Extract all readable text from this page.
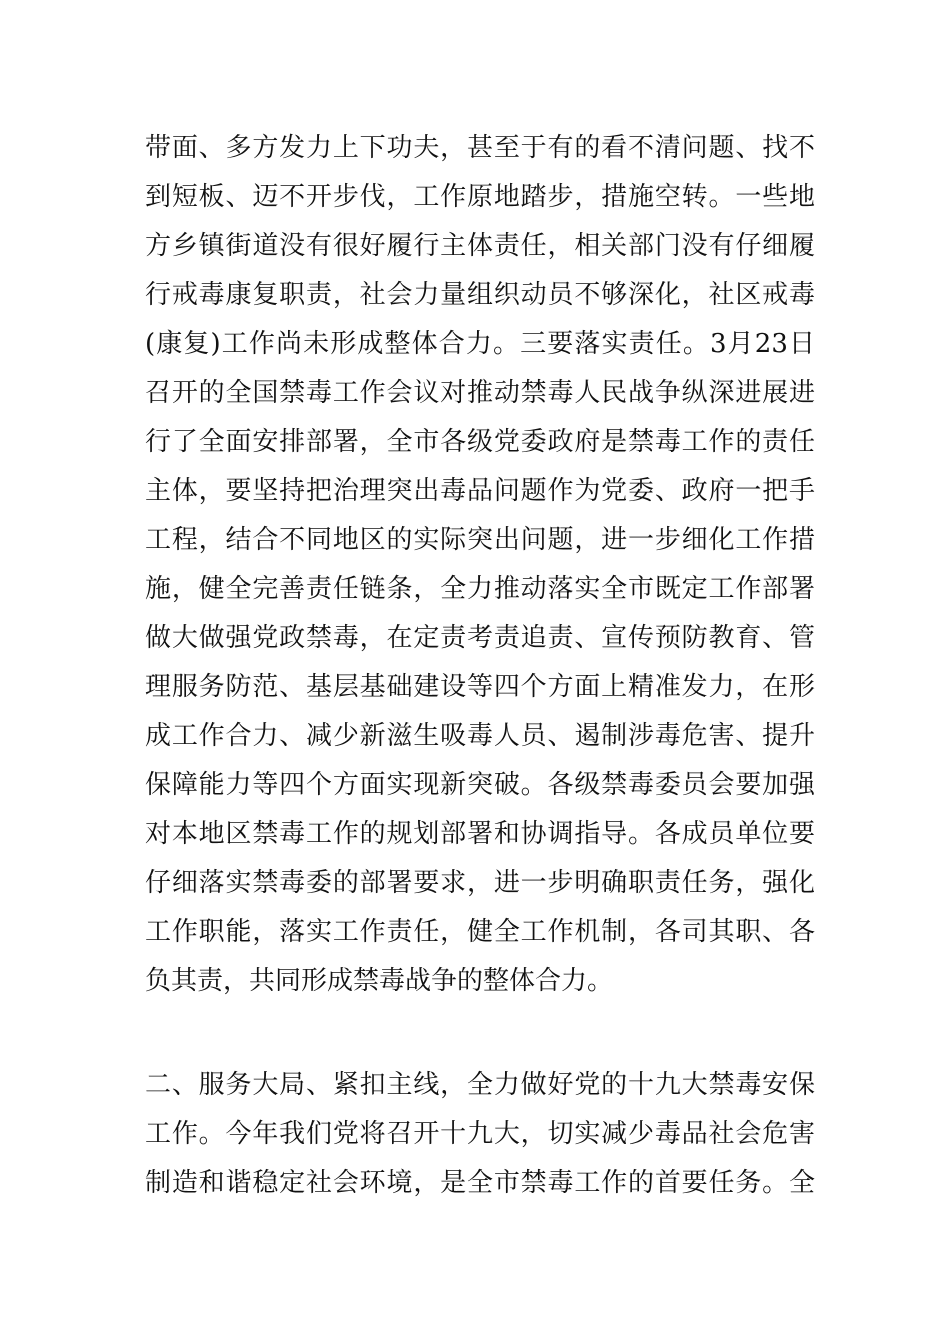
带面、多方发力上下功夫，甚至于有的看不清问题、找不
到短板、迈不开步伐，工作原地踏步，措施空转。一些地
方乡镇街道没有很好履行主体责任，相关部门没有仔细履
行戒毒康复职责，社会力量组织动员不够深化，社区戒毒
(康复)工作尚未形成整体合力。三要落实责任。3月23日
召开的全国禁毒工作会议对推动禁毒人民战争纵深进展进
行了全面安排部署，全市各级党委政府是禁毒工作的责任
主体，要坚持把治理突出毒品问题作为党委、政府一把手
工程，结合不同地区的实际突出问题，进一步细化工作措
施，健全完善责任链条，全力推动落实全市既定工作部署
做大做强党政禁毒，在定责考责追责、宣传预防教育、管
理服务防范、基层基础建设等四个方面上精准发力，在形
成工作合力、减少新滋生吸毒人员、遏制涉毒危害、提升
保障能力等四个方面实现新突破。各级禁毒委员会要加强
对本地区禁毒工作的规划部署和协调指导。各成员单位要
仔细落实禁毒委的部署要求，进一步明确职责任务，强化
工作职能，落实工作责任，健全工作机制，各司其职、各
负其责，共同形成禁毒战争的整体合力。
二、服务大局、紧扣主线，全力做好党的十九大禁毒安保
工作。今年我们党将召开十九大，切实减少毒品社会危害
制造和谐稳定社会环境，是全市禁毒工作的首要任务。全
